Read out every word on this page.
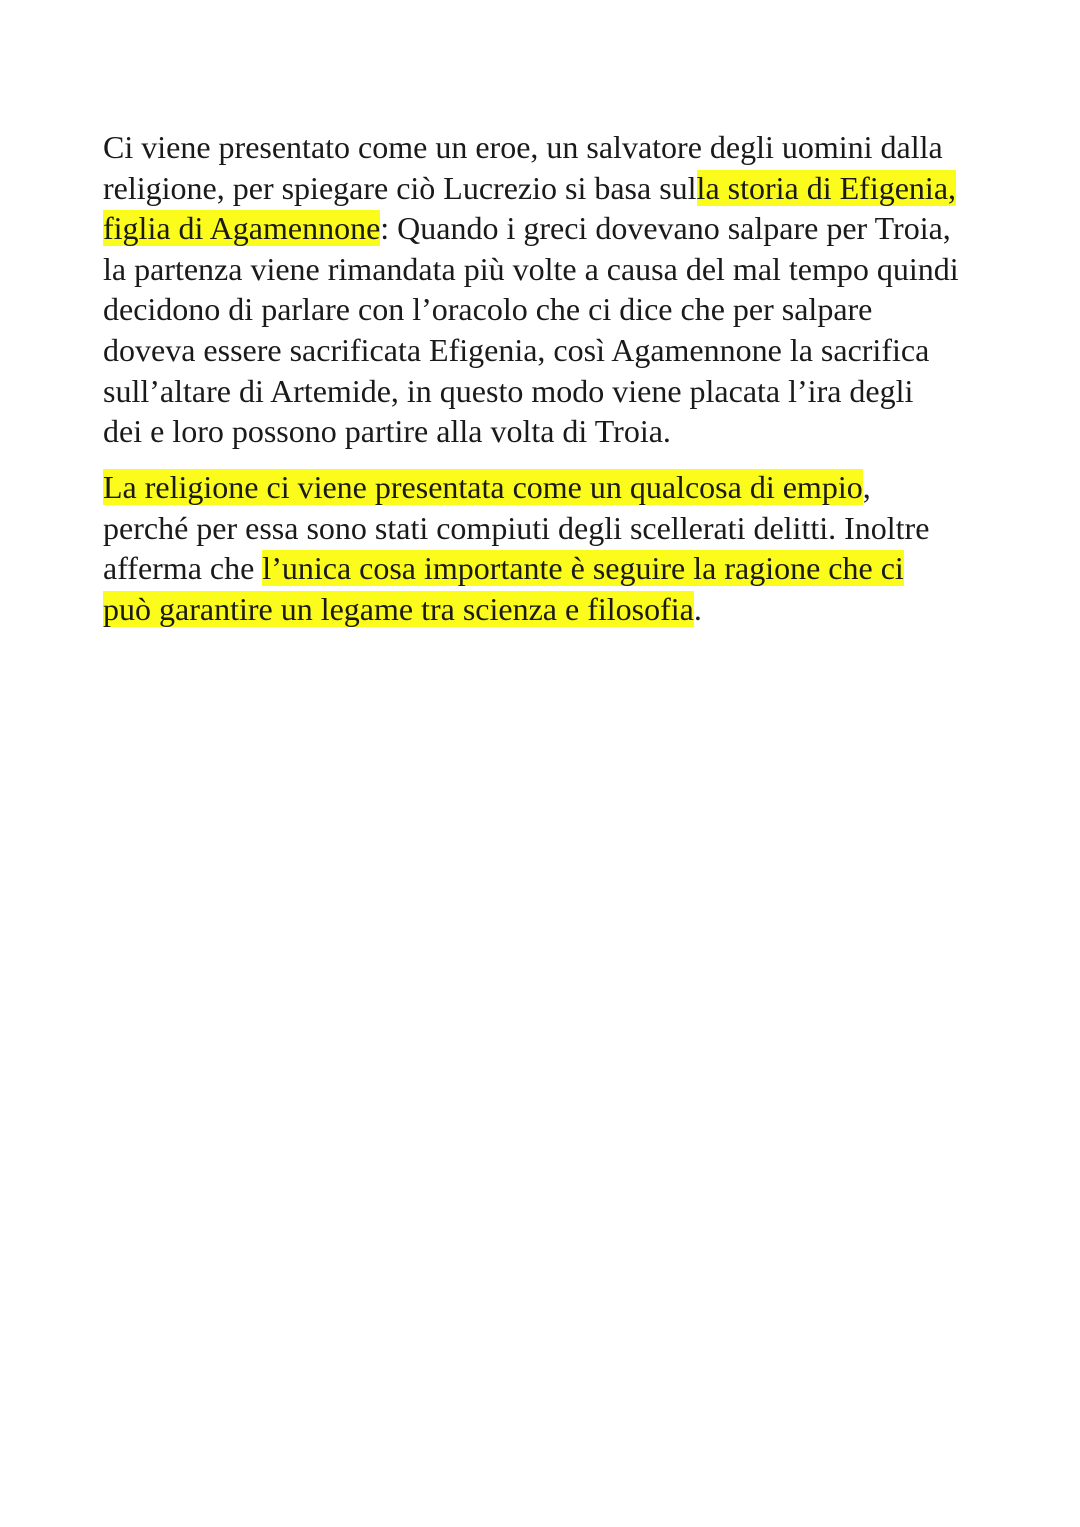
Ci viene presentato come un eroe, un salvatore degli uomini dalla
religione, per spiegare ciò Lucrezio si basa sulla storia di Efigenia,
figlia di Agamennone: Quando i greci dovevano salpare per Troia,
la partenza viene rimandata più volte a causa del mal tempo quindi
decidono di parlare con l’oracolo che ci dice che per salpare
doveva essere sacrificata Efigenia, così Agamennone la sacrifica
sull’altare di Artemide, in questo modo viene placata l’ira degli
dei e loro possono partire alla volta di Troia.
La religione ci viene presentata come un qualcosa di empio,
perché per essa sono stati compiuti degli scellerati delitti. Inoltre
afferma che l’unica cosa importante è seguire la ragione che ci
può garantire un legame tra scienza e filosofia.
